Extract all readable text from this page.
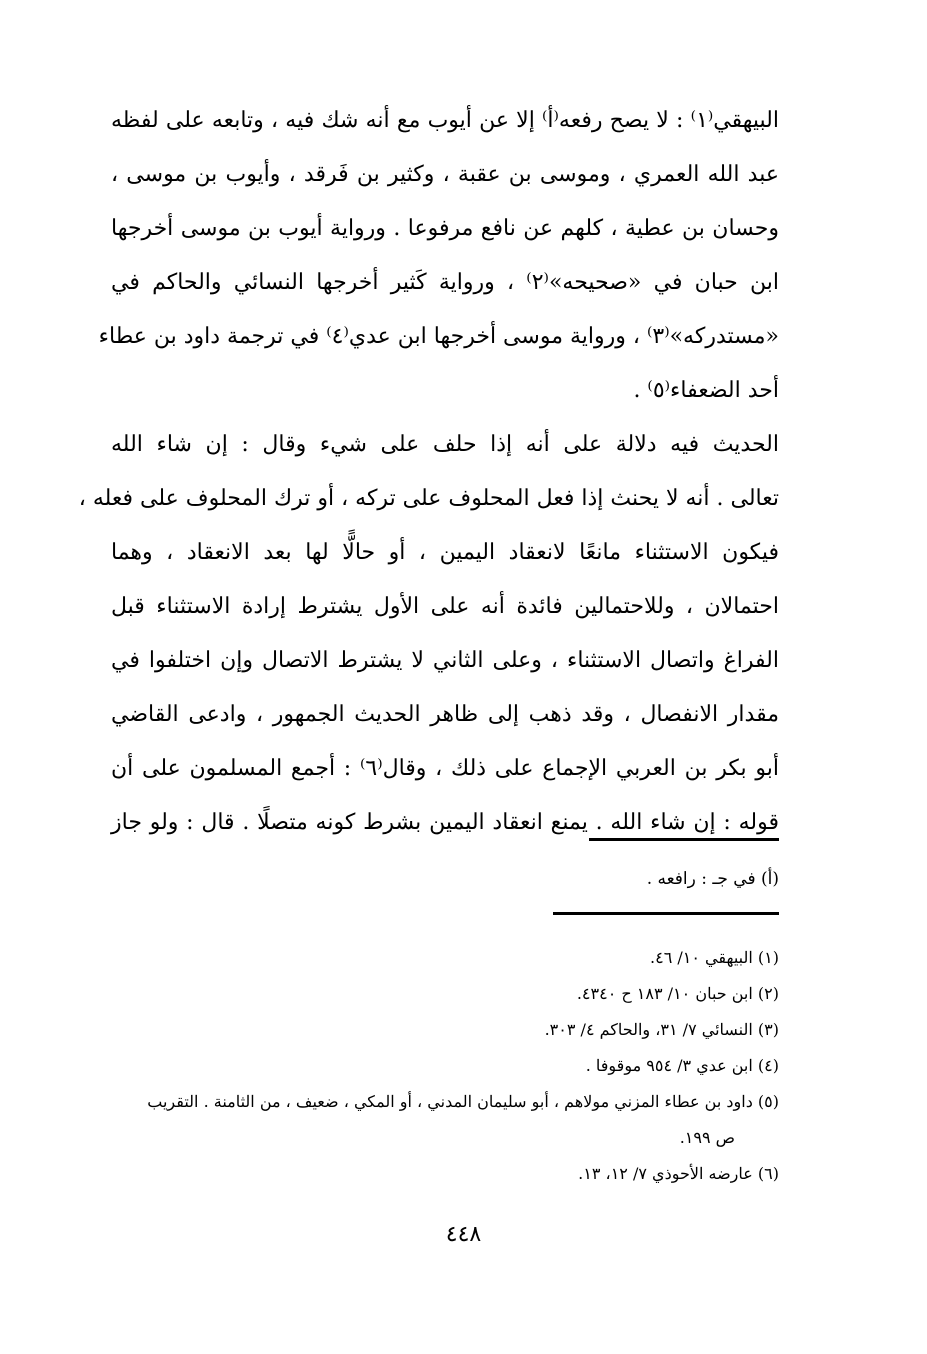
البيهقي⁽١⁾ : لا يصح رفعه⁽أ⁾ إلا عن أيوب مع أنه شك فيه ، وتابعه على لفظه
عبد الله العمري ، وموسى بن عقبة ، وكثير بن فَرقد ، وأيوب بن موسى ،
وحسان بن عطية ، كلهم عن نافع مرفوعا . ورواية أيوب بن موسى أخرجها
ابن حبان في «صحيحه»⁽٢⁾ ، ورواية كَثير أخرجها النسائي والحاكم في
«مستدركه»⁽٣⁾ ، ورواية موسى أخرجها ابن عدي⁽٤⁾ في ترجمة داود بن عطاء
أحد الضعفاء⁽٥⁾ .
الحديث فيه دلالة على أنه إذا حلف على شيء وقال : إن شاء الله
تعالى . أنه لا يحنث إذا فعل المحلوف على تركه ، أو ترك المحلوف على فعله ،
فيكون الاستثناء مانعًا لانعقاد اليمين ، أو حالًّا لها بعد الانعقاد ، وهما
احتمالان ، وللاحتمالين فائدة أنه على الأول يشترط إرادة الاستثناء قبل
الفراغ واتصال الاستثناء ، وعلى الثاني لا يشترط الاتصال وإن اختلفوا في
مقدار الانفصال ، وقد ذهب إلى ظاهر الحديث الجمهور ، وادعى القاضي
أبو بكر بن العربي الإجماع على ذلك ، وقال⁽٦⁾ : أجمع المسلمون على أن
قوله : إن شاء الله . يمنع انعقاد اليمين بشرط كونه متصلًا . قال : ولو جاز
(أ) في جـ : رافعه .
(١) البيهقي ١٠/ ٤٦.
(٢) ابن حبان ١٠/ ١٨٣ ح ٤٣٤٠.
(٣) النسائي ٧/ ٣١، والحاكم ٤/ ٣٠٣.
(٤) ابن عدي ٣/ ٩٥٤ موقوفا .
(٥) داود بن عطاء المزني مولاهم ، أبو سليمان المدني ، أو المكي ، ضعيف ، من الثامنة . التقريب
ص ١٩٩.
(٦) عارضه الأحوذي ٧/ ١٢، ١٣.
٤٤٨
